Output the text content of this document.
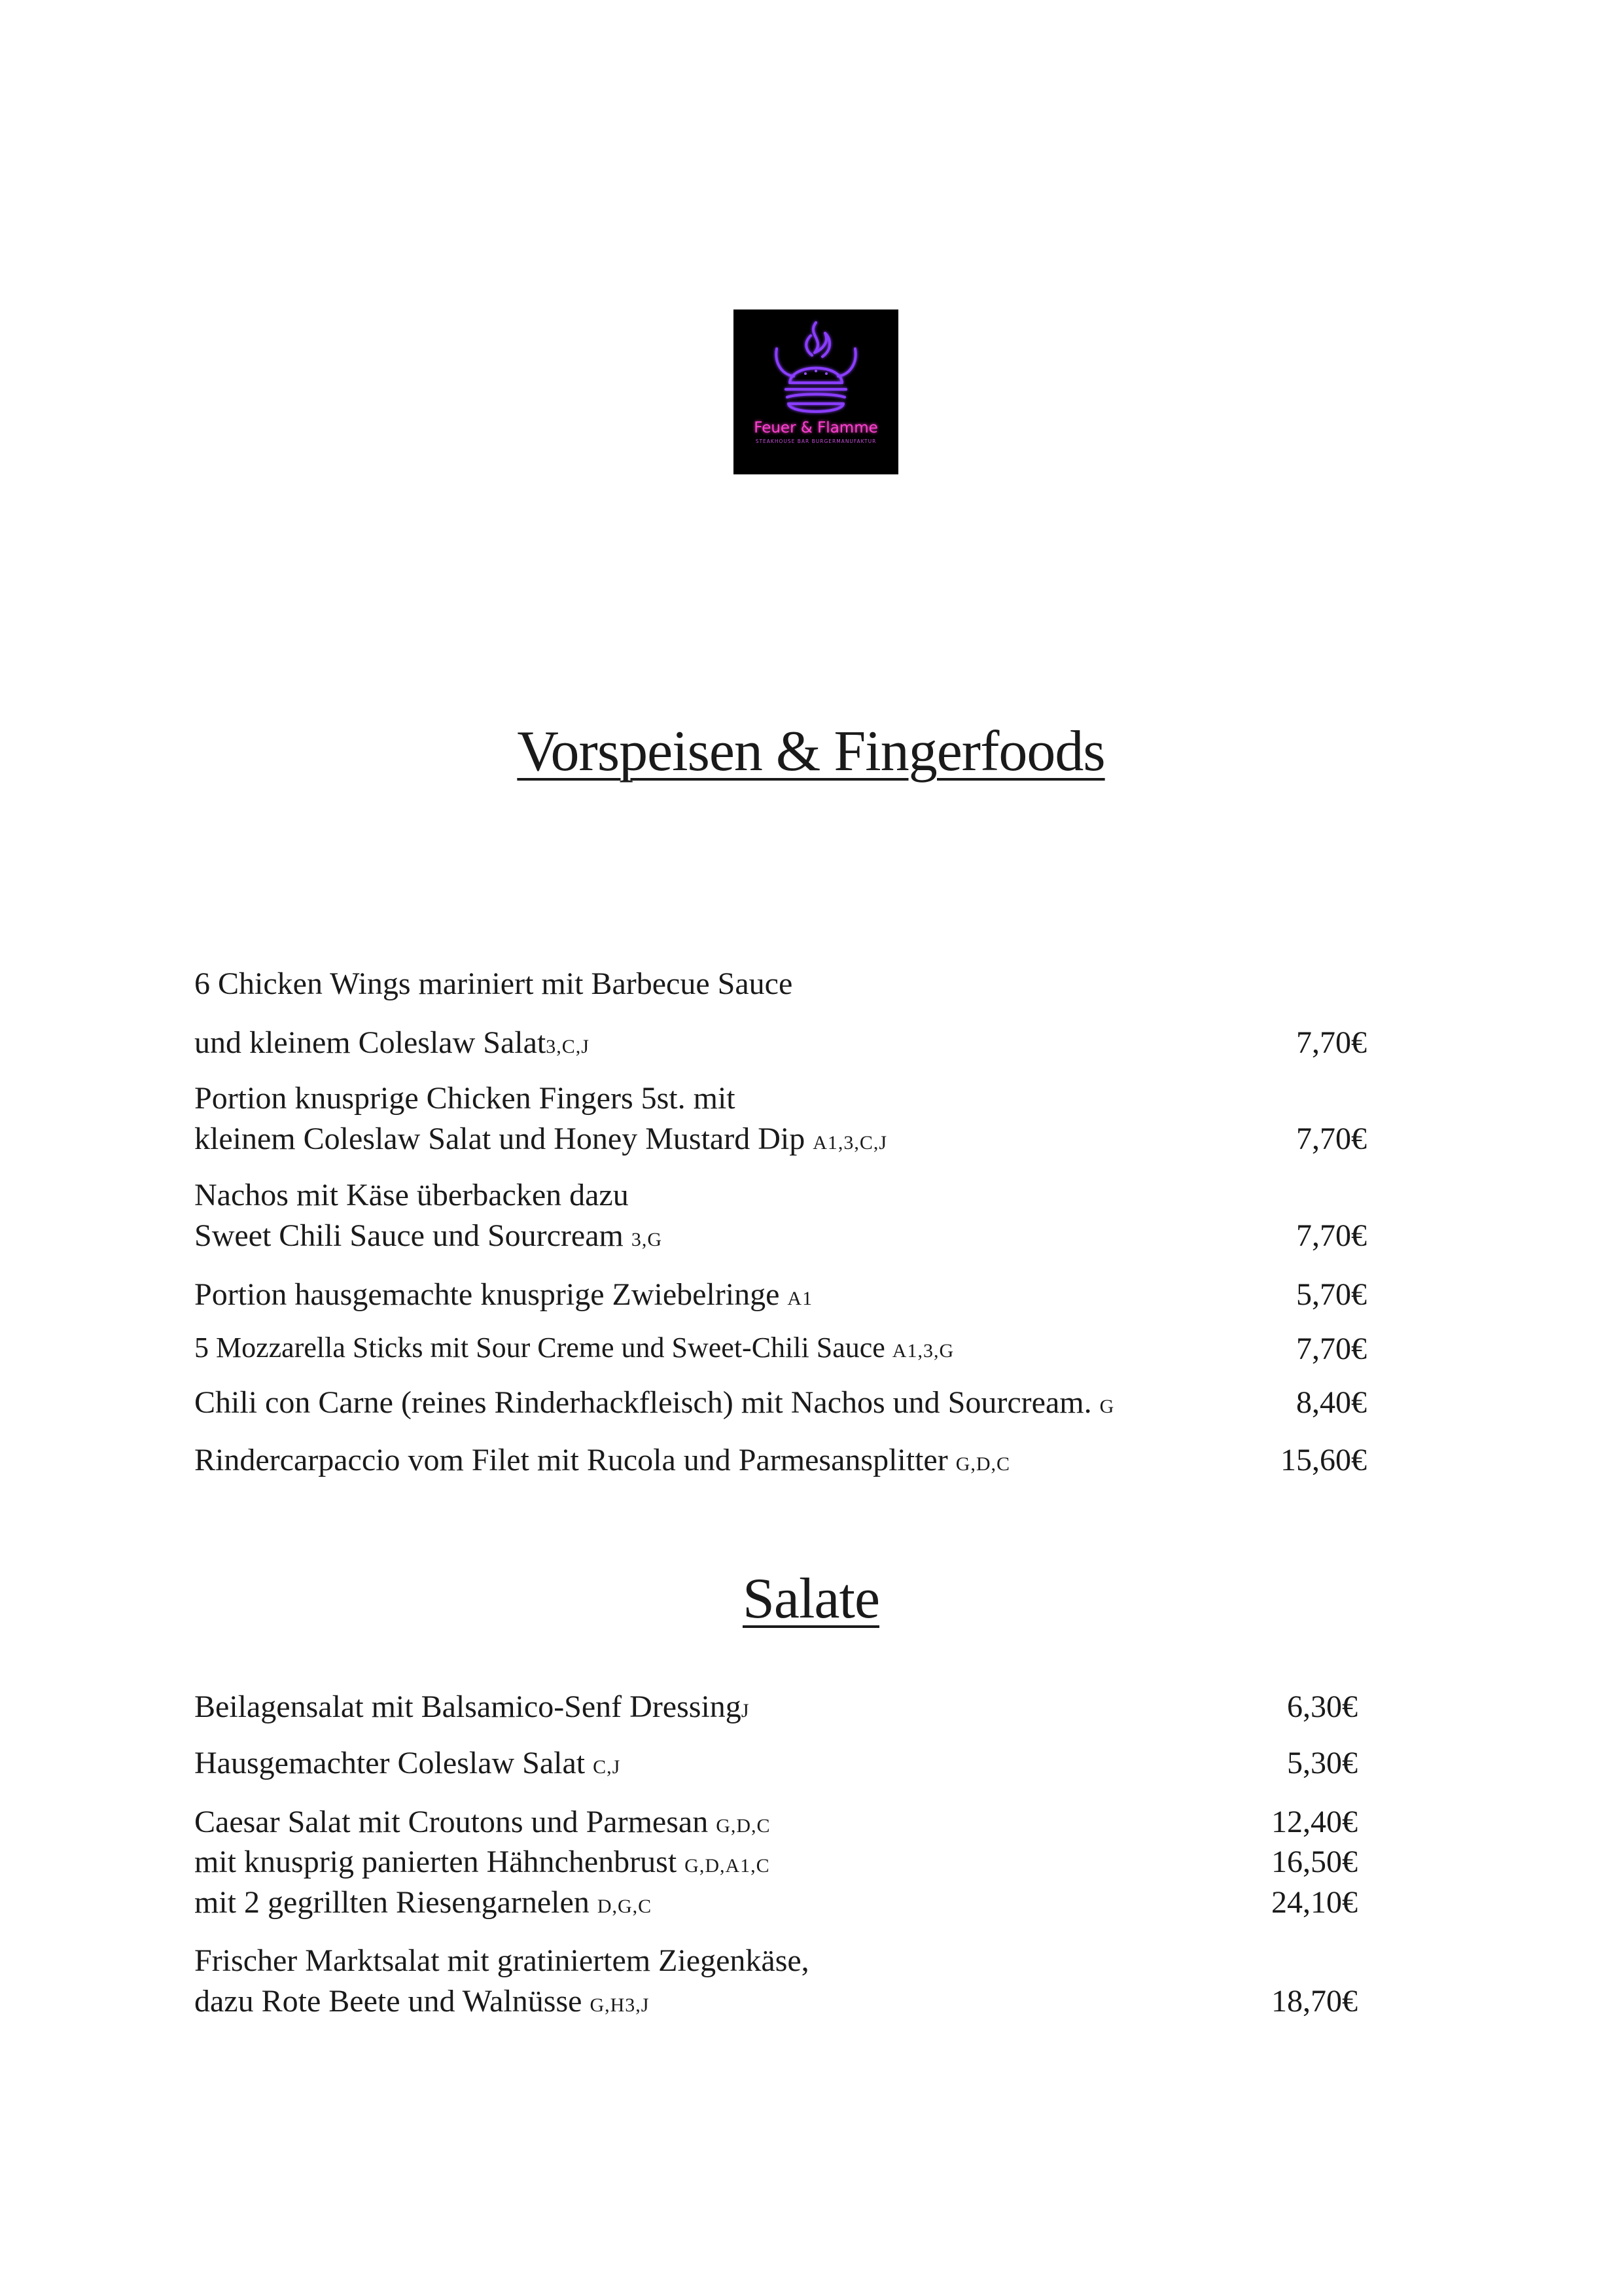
Feuer & Flamme
STEAKHOUSE BAR BURGERMANUFAKTUR
Vorspeisen & Fingerfoods
6 Chicken Wings mariniert mit Barbecue Sauce
und kleinem Coleslaw Salat3,C,J	7,70€
Portion knusprige Chicken Fingers 5st. mit
kleinem Coleslaw Salat und Honey Mustard Dip A1,3,C,J	7,70€
Nachos mit Käse überbacken dazu
Sweet Chili Sauce und Sourcream 3,G	7,70€
Portion hausgemachte knusprige Zwiebelringe A1	5,70€
5 Mozzarella Sticks mit Sour Creme und Sweet-Chili Sauce A1,3,G	7,70€
Chili con Carne (reines Rinderhackfleisch) mit Nachos und Sourcream. G	8,40€
Rindercarpaccio vom Filet mit Rucola und Parmesansplitter G,D,C	15,60€
Salate
Beilagensalat mit Balsamico-Senf DressingJ	6,30€
Hausgemachter Coleslaw Salat C,J	5,30€
Caesar Salat mit Croutons und Parmesan G,D,C	12,40€
mit knusprig panierten Hähnchenbrust G,D,A1,C	16,50€
mit 2 gegrillten Riesengarnelen D,G,C	24,10€
Frischer Marktsalat mit gratiniertem Ziegenkäse,
dazu Rote Beete und Walnüsse G,H3,J	18,70€
